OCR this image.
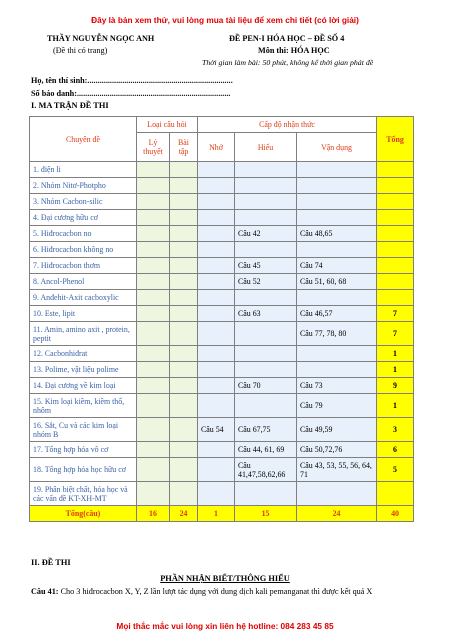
Đây là bản xem thử, vui lòng mua tài liệu để xem chi tiết (có lời giải)
THẦY NGUYỄN NGỌC ANH
(Đề thi có trang)
ĐỀ PEN-I HÓA HỌC – ĐỀ SỐ 4
Môn thi: HÓA HỌC
Thời gian làm bài: 50 phút, không kể thời gian phát đề
Họ, tên thí sinh:.......................................................................
Số báo danh:...........................................................................
I. MA TRẬN ĐỀ THI
Chuyên đề	Loại câu hỏi		Cấp độ nhận thức			Tổng
	Lý thuyết	Bài tập	Nhớ	Hiểu	Vận dụng	
1. điện li						
2. Nhóm Nitơ-Photpho						
3. Nhóm Cacbon-silic						
4. Đại cương hữu cơ						
5. Hiđrocacbon no				Câu 42	Câu 48,65	
6. Hiđrocacbon không no						
7. Hiđrocacbon thơm				Câu 45	Câu 74	
8. Ancol-Phenol				Câu 52	Câu 51, 60, 68	
9. Anđehit-Axit cacboxylic						
10. Este, lipit				Câu 63	Câu 46,57	7
11. Amin, amino axit , protein, peptit					Câu 77, 78, 80	7
12. Cacbonhiđrat						1
13. Polime, vật liệu polime						1
14. Đại cương về kim loại				Câu 70	Câu 73	9
15. Kim loại kiềm, kiềm thổ, nhôm					Câu 79	1
16. Sắt, Cu và các kim loại nhóm B			Câu 54	Câu 67,75	Câu 49,59	3
17. Tổng hợp hóa vô cơ				Câu 44, 61, 69	Câu 50,72,76	6
18. Tổng hợp hóa học hữu cơ				Câu 41,47,58,62,66	Câu 43, 53, 55, 56, 64, 71	5
19. Phân biệt chất, hóa học và các vấn đề KT-XH-MT						
Tổng(câu)	16	24	1	15	24	40
II. ĐỀ THI
PHẦN NHẬN BIẾT/THÔNG HIỂU
Câu 41: Cho 3 hiđrocacbon X, Y, Z lần lượt tác dụng với dung dịch kali pemanganat thì được kết quả X
Mọi thắc mắc vui lòng xin liên hệ hotline: 084 283 45 85
